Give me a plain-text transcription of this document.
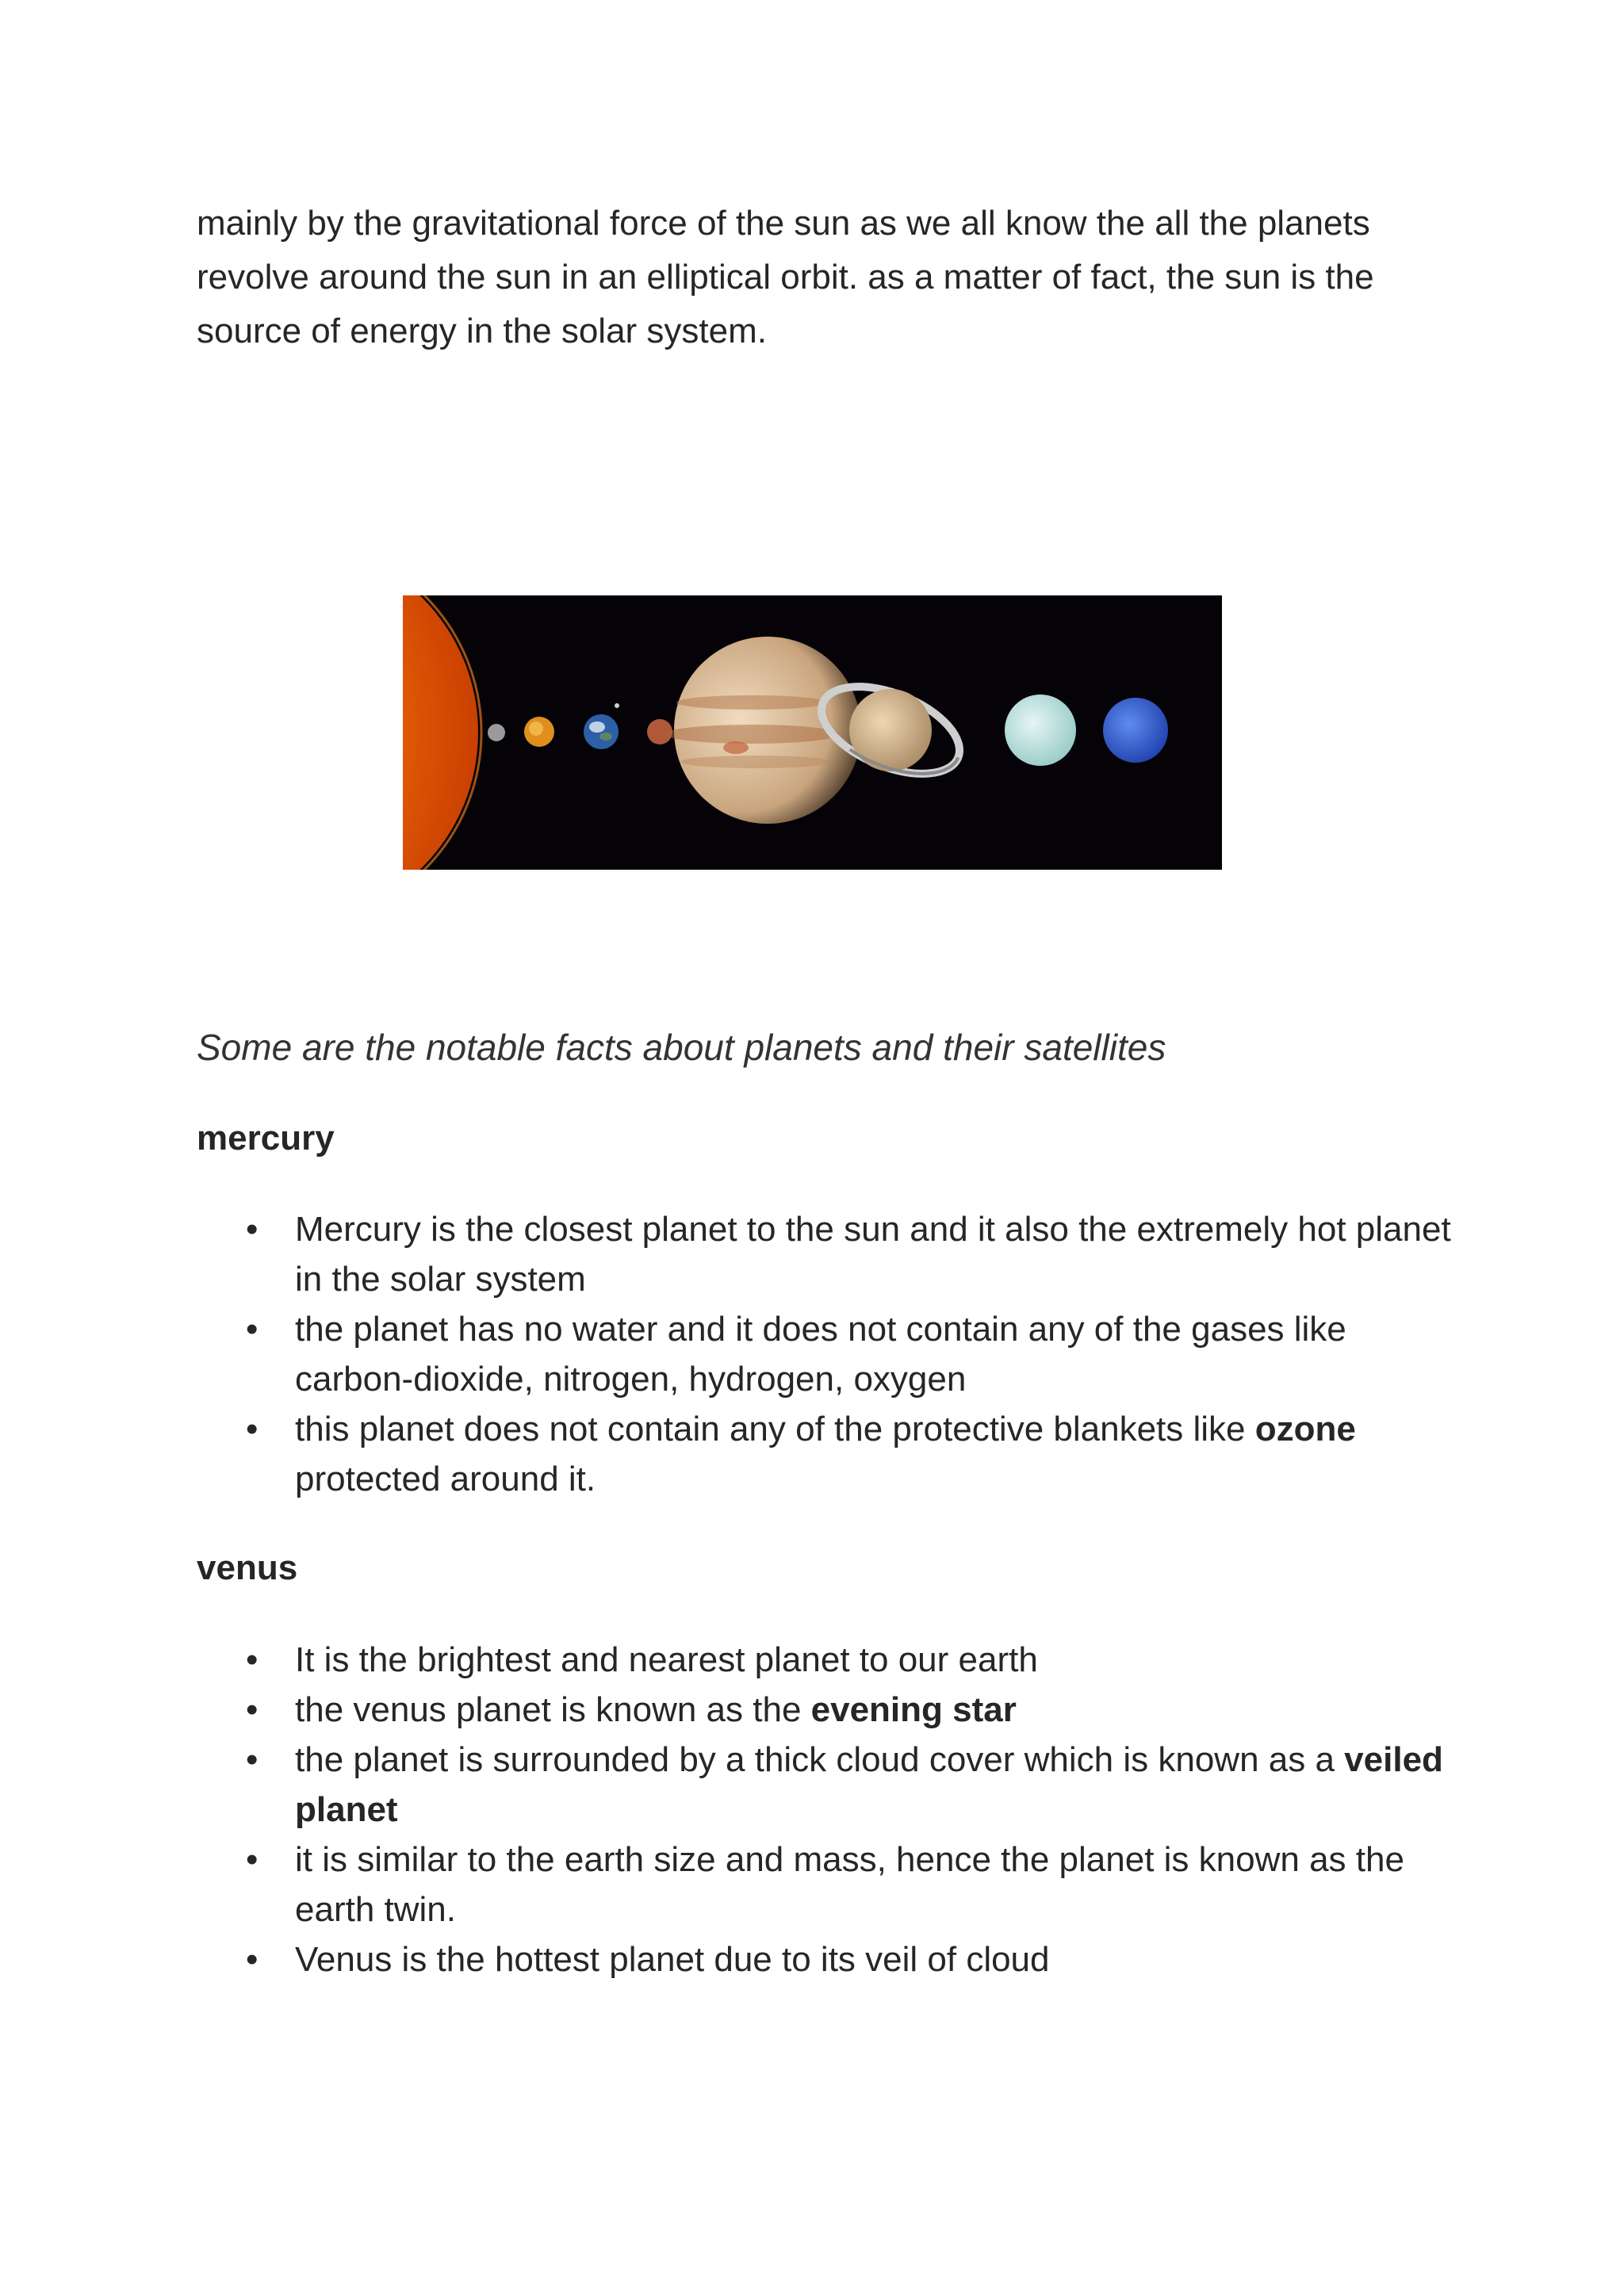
mainly by the gravitational force of the sun as we all know the all the planets revolve around the sun in an elliptical orbit. as a matter of fact, the sun is the source of energy in the solar system.

Some are the notable facts about planets and their satellites

mercury

• Mercury is the closest planet to the sun and it also the extremely hot planet in the solar system
• the planet has no water and it does not contain any of the gases like carbon-dioxide, nitrogen, hydrogen, oxygen
• this planet does not contain any of the protective blankets like ozone protected around it.

venus

• It is the brightest and nearest planet to our earth
• the venus planet is known as the evening star
• the planet is surrounded by a thick cloud cover which is known as a veiled planet
• it is similar to the earth size and mass, hence the planet is known as the earth twin.
• Venus is the hottest planet due to its veil of cloud
